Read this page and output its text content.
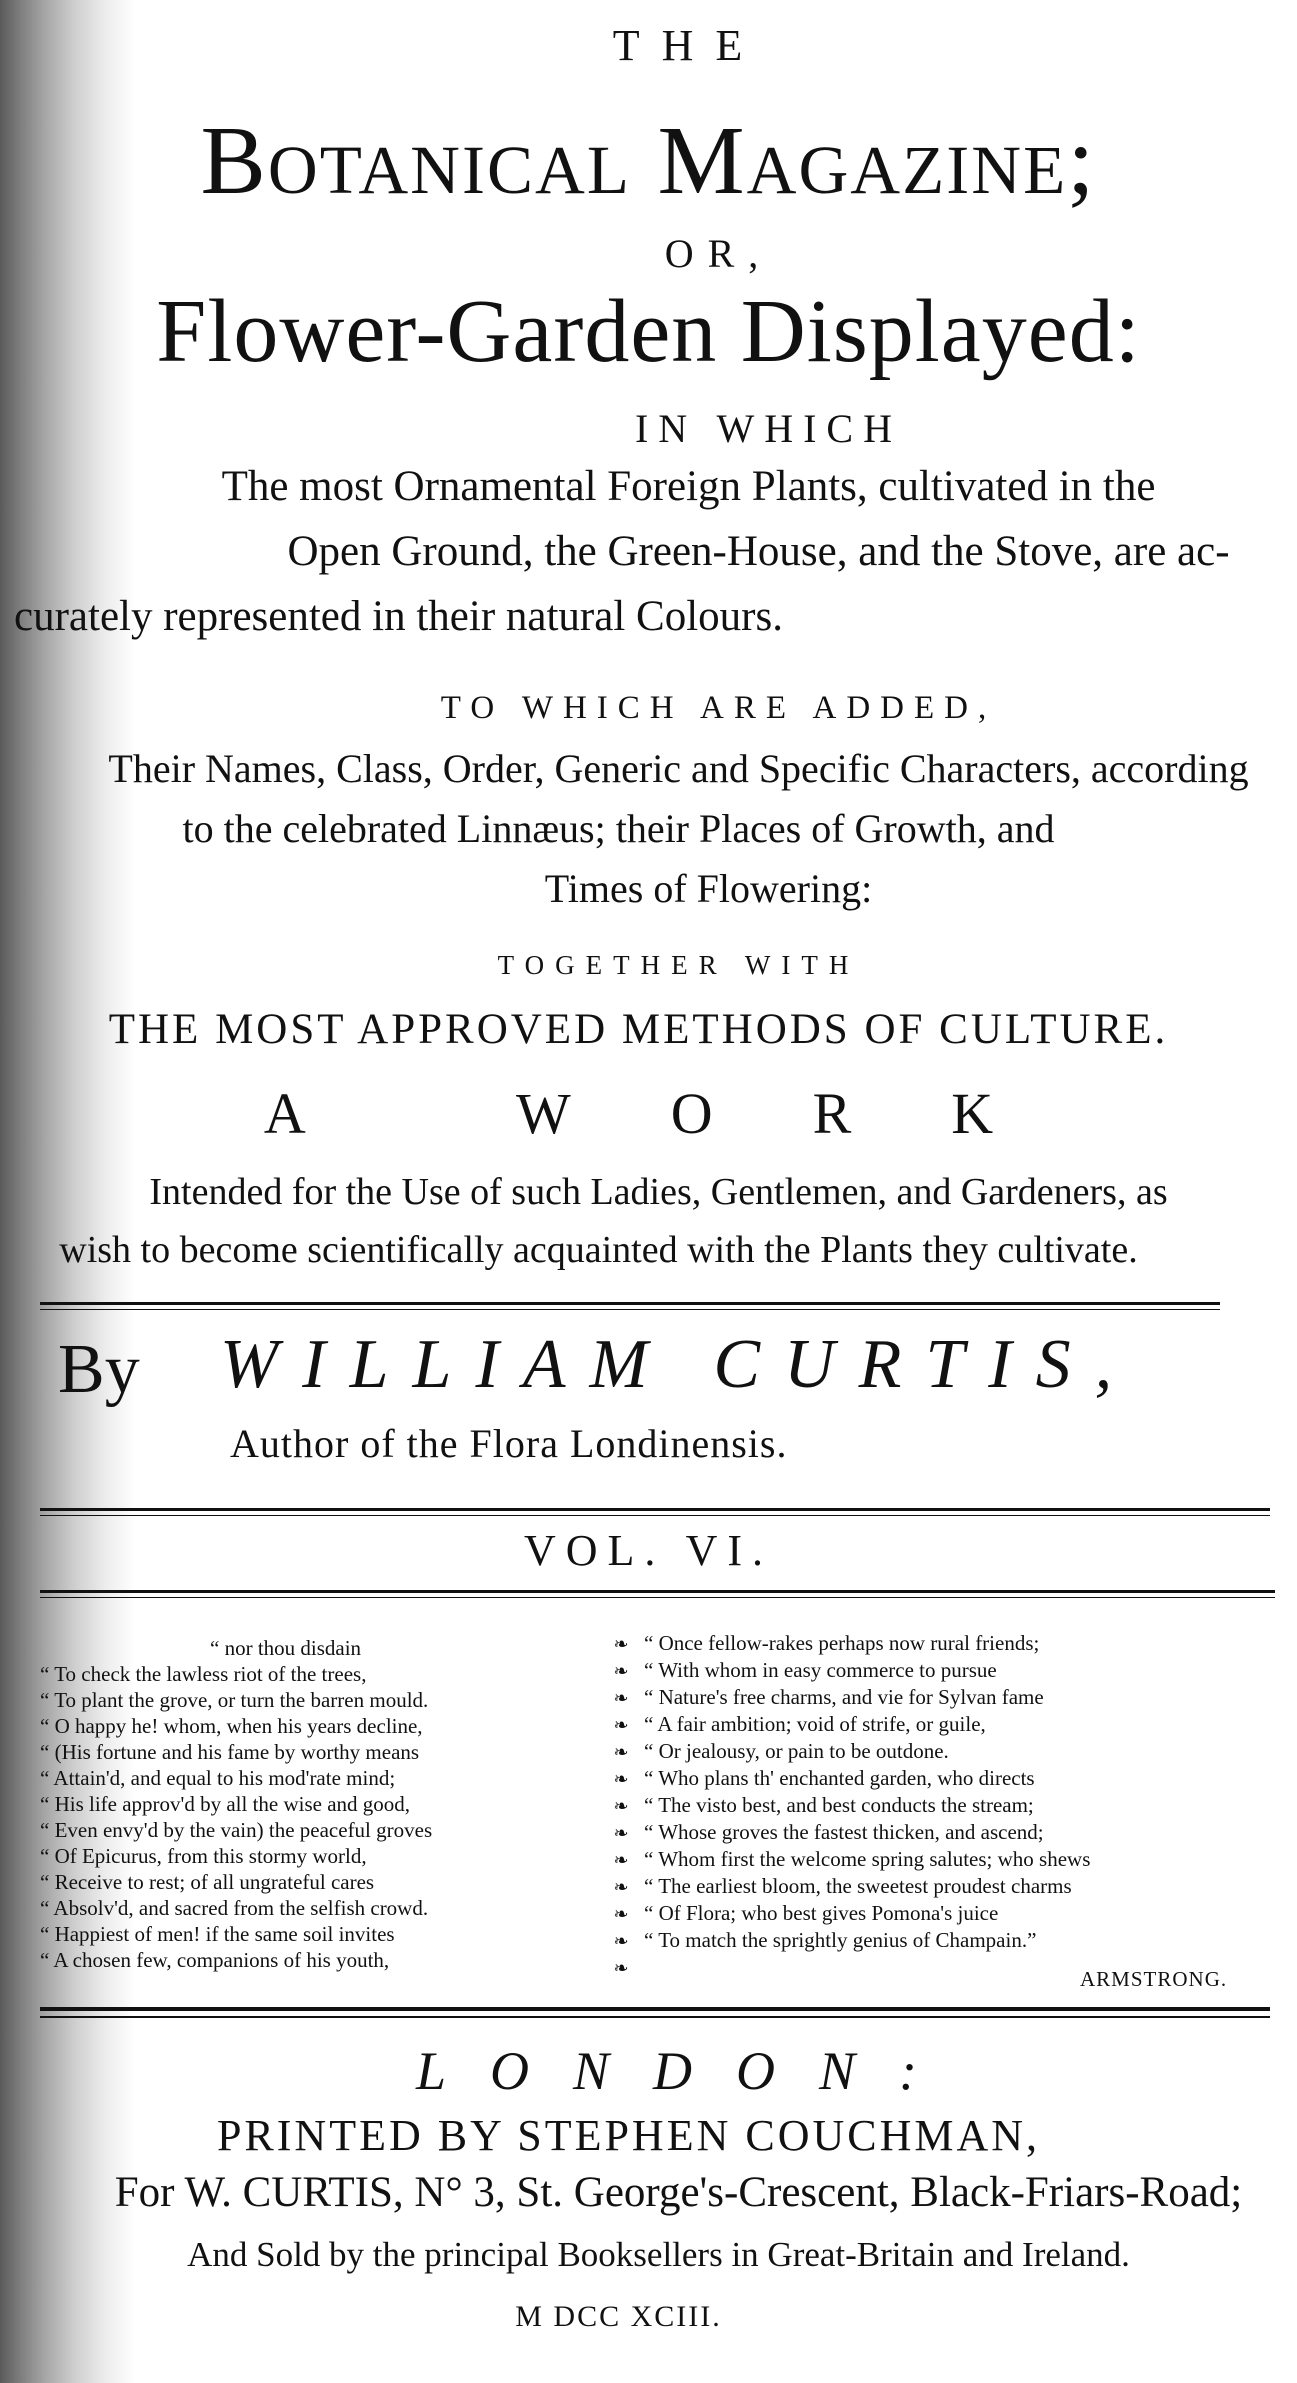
THE
Botanical Magazine;
OR,
Flower-Garden Displayed:
IN WHICH
The most Ornamental Foreign Plants, cultivated in the
Open Ground, the Green-House, and the Stove, are ac-
curately represented in their natural Colours.
TO WHICH ARE ADDED,
Their Names, Class, Order, Generic and Specific Characters, according
to the celebrated Linnæus; their Places of Growth, and
Times of Flowering:
TOGETHER WITH
THE MOST APPROVED METHODS OF CULTURE.
A WORK
Intended for the Use of such Ladies, Gentlemen, and Gardeners, as
wish to become scientifically acquainted with the Plants they cultivate.
By WILLIAM CURTIS,
Author of the Flora Londinensis.
VOL. VI.
“ nor thou disdain
“ To check the lawless riot of the trees,
“ To plant the grove, or turn the barren mould.
“ O happy he! whom, when his years decline,
“ (His fortune and his fame by worthy means
“ Attain'd, and equal to his mod'rate mind;
“ His life approv'd by all the wise and good,
“ Even envy'd by the vain) the peaceful groves
“ Of Epicurus, from this stormy world,
“ Receive to rest; of all ungrateful cares
“ Absolv'd, and sacred from the selfish crowd.
“ Happiest of men! if the same soil invites
“ A chosen few, companions of his youth,
❧ “ Once fellow-rakes perhaps now rural friends;
❧ “ With whom in easy commerce to pursue
❧ “ Nature's free charms, and vie for Sylvan fame
❧ “ A fair ambition; void of strife, or guile,
❧ “ Or jealousy, or pain to be outdone.
❧ “ Who plans th' enchanted garden, who directs
❧ “ The visto best, and best conducts the stream;
❧ “ Whose groves the fastest thicken, and ascend;
❧ “ Whom first the welcome spring salutes; who shews
❧ “ The earliest bloom, the sweetest proudest charms
❧ “ Of Flora; who best gives Pomona's juice
❧ “ To match the sprightly genius of Champain.”
❧	ARMSTRONG.
LONDON:
PRINTED BY STEPHEN COUCHMAN,
For W. CURTIS, N° 3, St. George's-Crescent, Black-Friars-Road;
And Sold by the principal Booksellers in Great-Britain and Ireland.
M DCC XCIII.
